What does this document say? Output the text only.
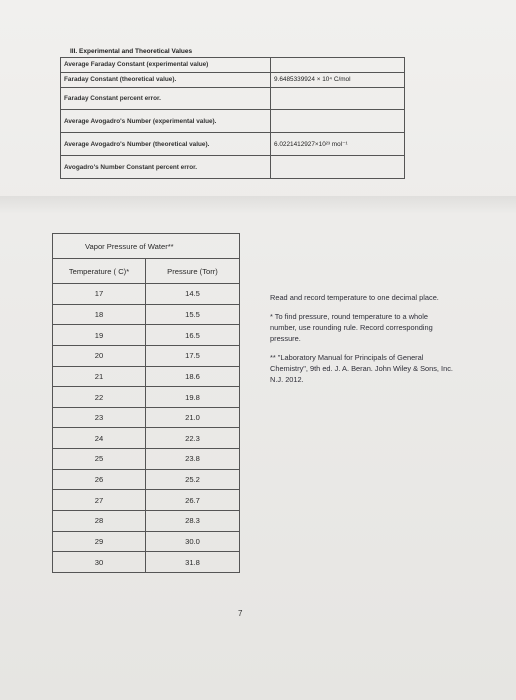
III. Experimental and Theoretical Values
Average Faraday Constant (experimental value)	
Faraday Constant (theoretical value).	9.6485339924 × 10⁴ C/mol
Faraday Constant percent error.	
Average Avogadro's Number (experimental value).	
Average Avogadro's Number (theoretical value).	6.0221412927×10²³ mol⁻¹
Avogadro's Number Constant percent error.	
Vapor Pressure of Water**	
Temperature ( C)*	Pressure (Torr)
17	14.5
18	15.5
19	16.5
20	17.5
21	18.6
22	19.8
23	21.0
24	22.3
25	23.8
26	25.2
27	26.7
28	28.3
29	30.0
30	31.8

Read and record temperature to one decimal place.

* To find pressure, round temperature to a whole number, use rounding rule. Record corresponding pressure.

** "Laboratory Manual for Principals of General Chemistry", 9th ed. J. A. Beran. John Wiley & Sons, Inc. N.J. 2012.

7
